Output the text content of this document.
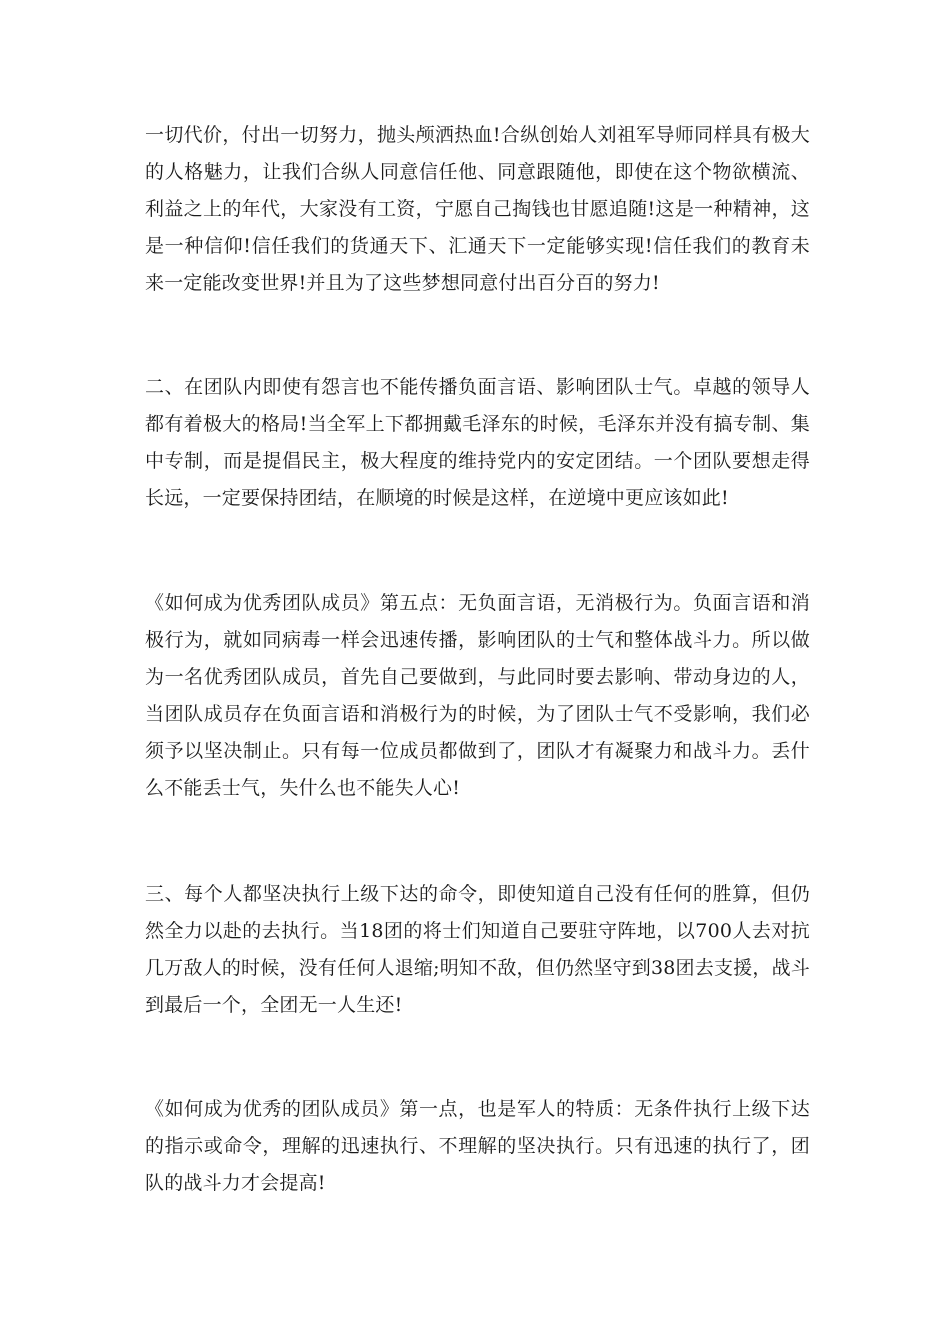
一切代价，付出一切努力，抛头颅洒热血!合纵创始人刘祖军导师同样具有极大的人格魅力，让我们合纵人同意信任他、同意跟随他，即使在这个物欲横流、利益之上的年代，大家没有工资，宁愿自己掏钱也甘愿追随!这是一种精神，这是一种信仰!信任我们的货通天下、汇通天下一定能够实现!信任我们的教育未来一定能改变世界!并且为了这些梦想同意付出百分百的努力!

二、在团队内即使有怨言也不能传播负面言语、影响团队士气。卓越的领导人都有着极大的格局!当全军上下都拥戴毛泽东的时候，毛泽东并没有搞专制、集中专制，而是提倡民主，极大程度的维持党内的安定团结。一个团队要想走得长远，一定要保持团结，在顺境的时候是这样，在逆境中更应该如此!

《如何成为优秀团队成员》第五点：无负面言语，无消极行为。负面言语和消极行为，就如同病毒一样会迅速传播，影响团队的士气和整体战斗力。所以做为一名优秀团队成员，首先自己要做到，与此同时要去影响、带动身边的人，当团队成员存在负面言语和消极行为的时候，为了团队士气不受影响，我们必须予以坚决制止。只有每一位成员都做到了，团队才有凝聚力和战斗力。丢什么不能丢士气，失什么也不能失人心!

三、每个人都坚决执行上级下达的命令，即使知道自己没有任何的胜算，但仍然全力以赴的去执行。当18团的将士们知道自己要驻守阵地，以700人去对抗几万敌人的时候，没有任何人退缩;明知不敌，但仍然坚守到38团去支援，战斗到最后一个，全团无一人生还!

《如何成为优秀的团队成员》第一点，也是军人的特质：无条件执行上级下达的指示或命令，理解的迅速执行、不理解的坚决执行。只有迅速的执行了，团队的战斗力才会提高!
